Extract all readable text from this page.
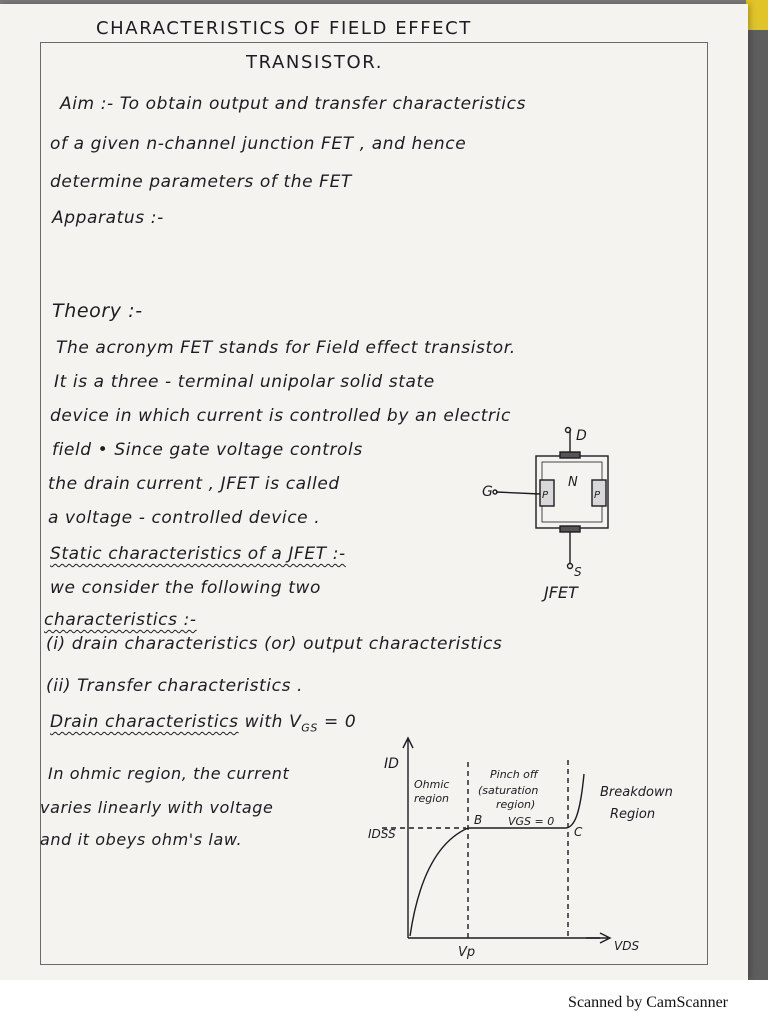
CHARACTERISTICS OF FIELD EFFECT
TRANSISTOR.
Aim :- To obtain output and transfer characteristics
of a given n-channel junction FET , and hence
determine parameters of the FET
Apparatus :-
Theory :-
The acronym FET stands for Field effect transistor.
It is a three - terminal unipolar solid state
device in which current is controlled by an electric
field • Since gate voltage controls
the drain current , JFET is called
a voltage - controlled device .
Static characteristics of a JFET :-
we consider the following two
characteristics :-
(i) drain characteristics (or) output characteristics
(ii) Transfer characteristics .
Drain characteristics with $V_{GS} = 0$
In ohmic region, the current
varies linearly with voltage
and it obeys ohm's law.
D
G
N
P	P
S
JFET
ID
IDSS
Ohmic
region
Pinch off
(saturation
region)
B VGS = 0
C
Breakdown
Region
Vp	VDS
Scanned by CamScanner
